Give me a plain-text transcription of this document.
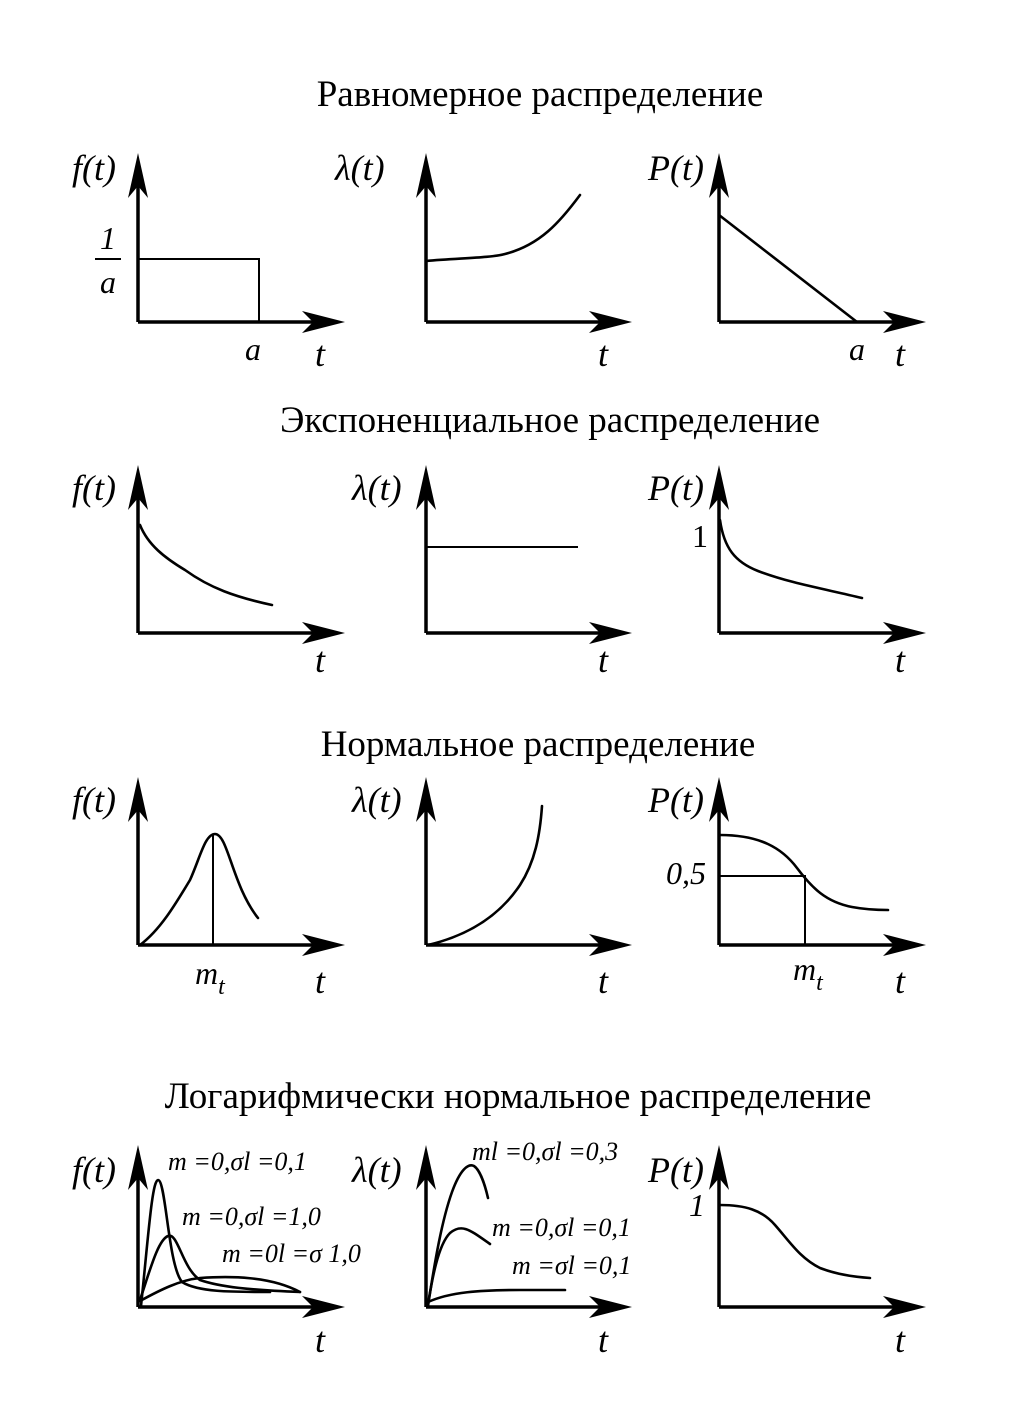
Равномерное распределение
f(t)
1
a
a t
λ(t)
t
P(t)
a t
Экспоненциальное распределение
f(t)
t
λ(t)
t
P(t)
1
t
Нормальное распределение
f(t)
$m_t$	t
λ(t)
t
P(t)
0,5
$m_t$ t
Логарифмически нормальное распределение
f(t) m =0,σl =0,1
m =0,σl =1,0
m =0l =σ 1,0
t
λ(t)	ml =0,σl =0,3
m =0,σl =0,1
m =σl =0,1
t
P(t)
1
t
